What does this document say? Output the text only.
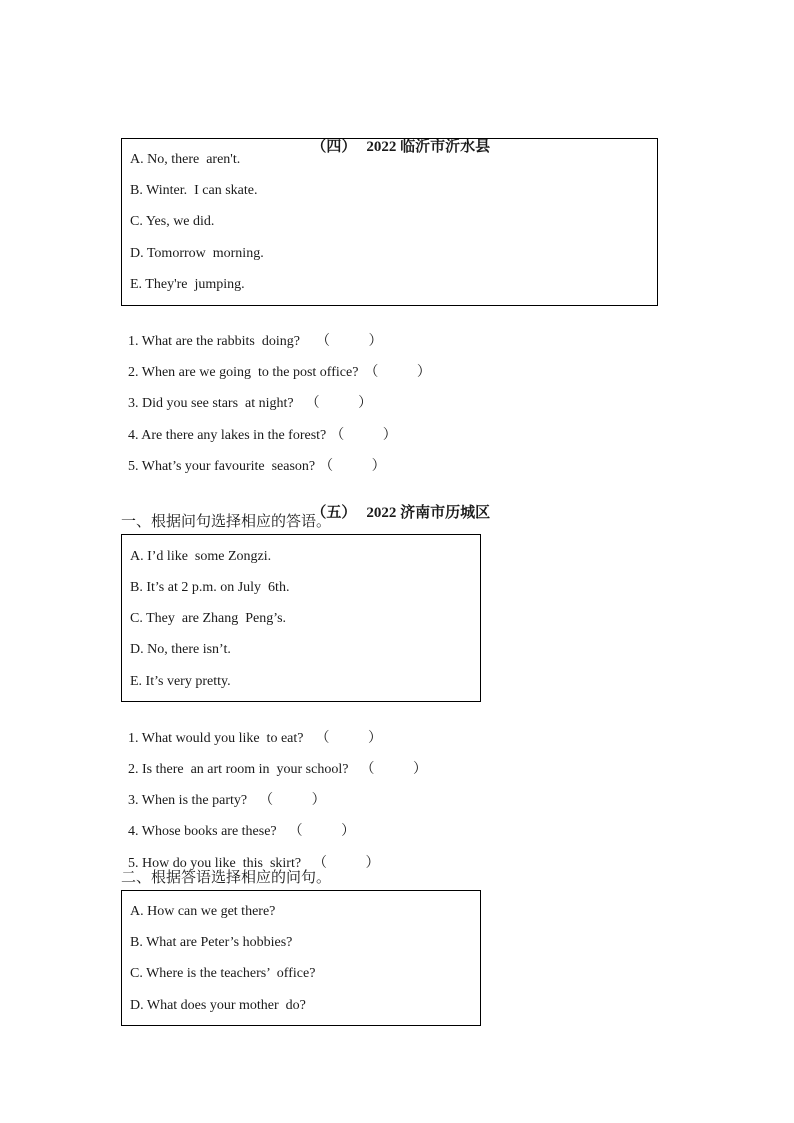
（四） 2022 临沂市沂水县

A. No, there  aren't.
B. Winter.  I can skate.
C. Yes, we did.
D. Tomorrow  morning.
E. They're  jumping.

1. What are the rabbits  doing? （           ）

2. When are we going  to the post office? （           ）

3. Did you see stars  at night? （           ）

4. Are there any lakes in the forest? （           ）

5. What’s your favourite  season? （           ）

（五） 2022 济南市历城区

一、根据问句选择相应的答语。
A. I’d like  some Zongzi.
B. It’s at 2 p.m. on July  6th.
C. They  are Zhang  Peng’s.
D. No, there isn’t.
E. It’s very pretty.

1. What would you like  to eat? （           ）

2. Is there  an art room in  your school? （           ）

3. When is the party? （           ）

4. Whose books are these? （           ）

5. How do you like  this  skirt? （           ）

二、根据答语选择相应的问句。
A. How can we get there?
B. What are Peter’s hobbies?
C. Where is the teachers’  office?
D. What does your mother  do?
